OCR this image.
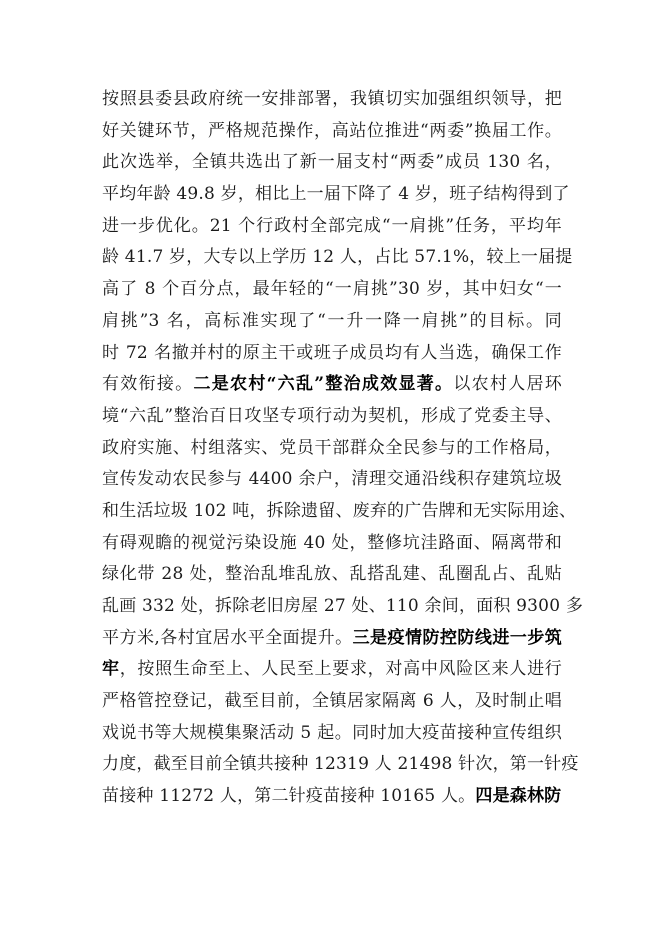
按照县委县政府统一安排部署，我镇切实加强组织领导，把
好关键环节，严格规范操作，高站位推进“两委”换届工作。
此次选举，全镇共选出了新一届支村“两委”成员 130 名，
平均年龄 49.8 岁，相比上一届下降了 4 岁，班子结构得到了
进一步优化。21 个行政村全部完成“一肩挑”任务，平均年
龄 41.7 岁，大专以上学历 12 人，占比 57.1%，较上一届提
高了 8 个百分点，最年轻的“一肩挑”30 岁，其中妇女“一
肩挑”3 名，高标准实现了“一升一降一肩挑”的目标。同
时 72 名撤并村的原主干或班子成员均有人当选，确保工作
有效衔接。二是农村“六乱”整治成效显著。以农村人居环
境“六乱”整治百日攻坚专项行动为契机，形成了党委主导、
政府实施、村组落实、党员干部群众全民参与的工作格局，
宣传发动农民参与 4400 余户，清理交通沿线积存建筑垃圾
和生活垃圾 102 吨，拆除遗留、废弃的广告牌和无实际用途、
有碍观瞻的视觉污染设施 40 处，整修坑洼路面、隔离带和
绿化带 28 处，整治乱堆乱放、乱搭乱建、乱圈乱占、乱贴
乱画 332 处，拆除老旧房屋 27 处、110 余间，面积 9300 多
平方米,各村宜居水平全面提升。三是疫情防控防线进一步筑
牢，按照生命至上、人民至上要求，对高中风险区来人进行
严格管控登记，截至目前，全镇居家隔离 6 人，及时制止唱
戏说书等大规模集聚活动 5 起。同时加大疫苗接种宣传组织
力度，截至目前全镇共接种 12319 人 21498 针次，第一针疫
苗接种 11272 人，第二针疫苗接种 10165 人。四是森林防
